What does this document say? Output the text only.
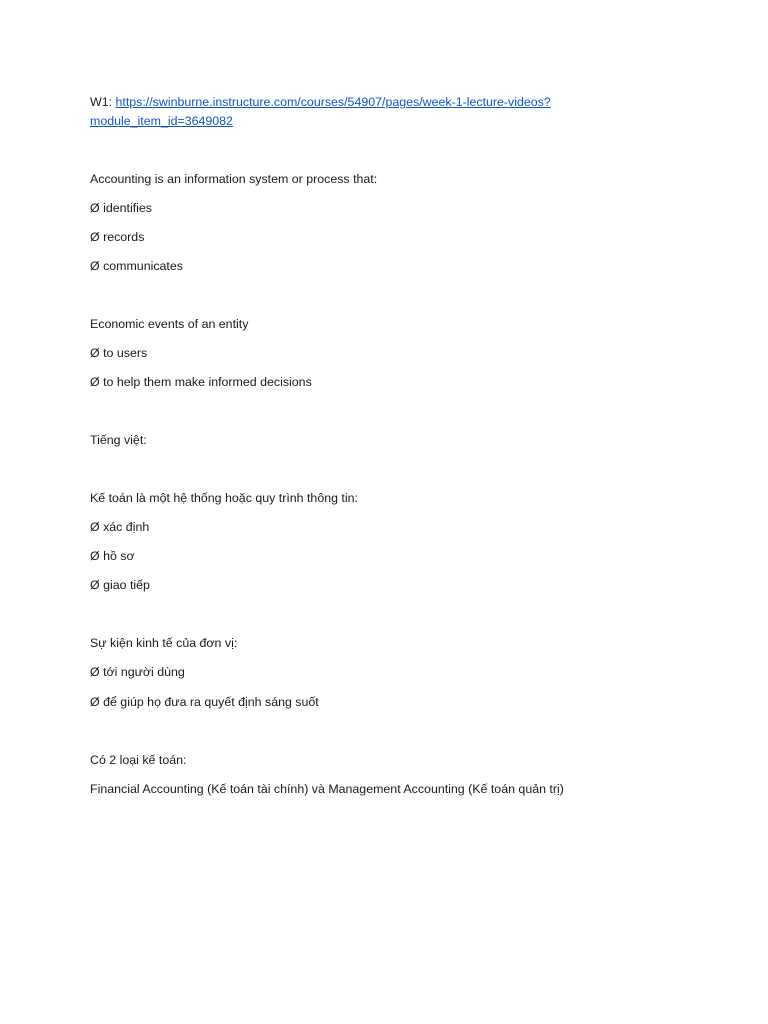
W1: https://swinburne.instructure.com/courses/54907/pages/week-1-lecture-videos?
module_item_id=3649082
Accounting is an information system or process that:
Ø identifies
Ø records
Ø communicates
Economic events of an entity
Ø to users
Ø to help them make informed decisions
Tiếng việt:
Kế toán là một hệ thống hoặc quy trình thông tin:
Ø xác định
Ø hồ sơ
Ø giao tiếp
Sự kiện kinh tế của đơn vị:
Ø tới người dùng
Ø để giúp họ đưa ra quyết định sáng suốt
Có 2 loại kế toán:
Financial Accounting (Kế toán tài chính) và Management Accounting (Kế toán quản trị)
